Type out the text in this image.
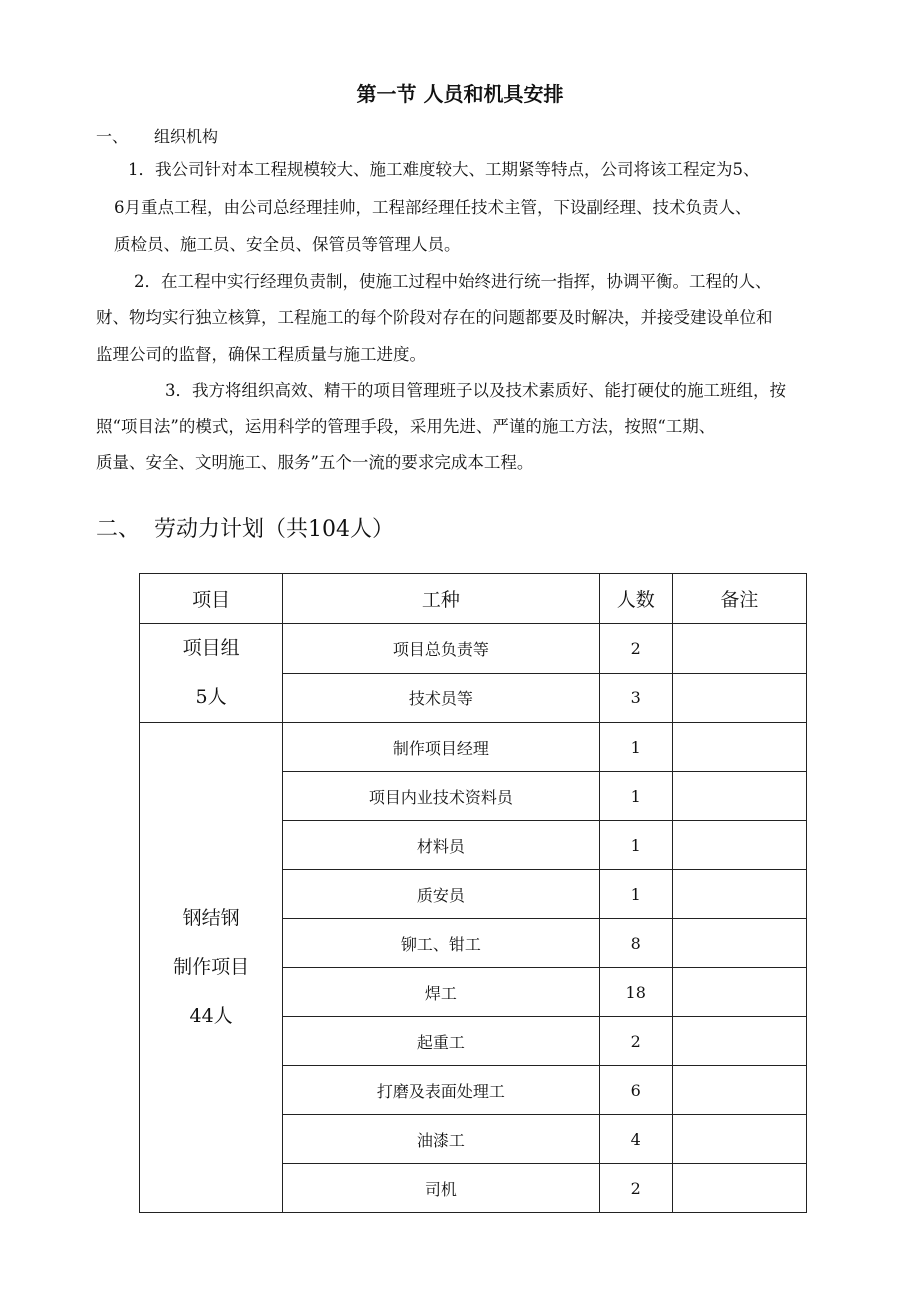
第一节 人员和机具安排
一、 组织机构
1．我公司针对本工程规模较大、施工难度较大、工期紧等特点，公司将该工程定为5、
6月重点工程，由公司总经理挂帅，工程部经理任技术主管，下设副经理、技术负责人、
质检员、施工员、安全员、保管员等管理人员。
2．在工程中实行经理负责制，使施工过程中始终进行统一指挥，协调平衡。工程的人、
财、物均实行独立核算，工程施工的每个阶段对存在的问题都要及时解决，并接受建设单位和
监理公司的监督，确保工程质量与施工进度。
3．我方将组织高效、精干的项目管理班子以及技术素质好、能打硬仗的施工班组，按
照“项目法”的模式，运用科学的管理手段，采用先进、严谨的施工方法，按照“工期、
质量、安全、文明施工、服务”五个一流的要求完成本工程。
二、 劳动力计划（共104人）
项目	工种	人数	备注

项目组
5人	项目总负责等	2	
	技术员等	3	

钢结钢
制作项目
44人	制作项目经理	1	
	项目内业技术资料员	1	
	材料员	1	
	质安员	1	
	铆工、钳工	8	
	焊工	18	
	起重工	2	
	打磨及表面处理工	6	
	油漆工	4	
	司机	2	
